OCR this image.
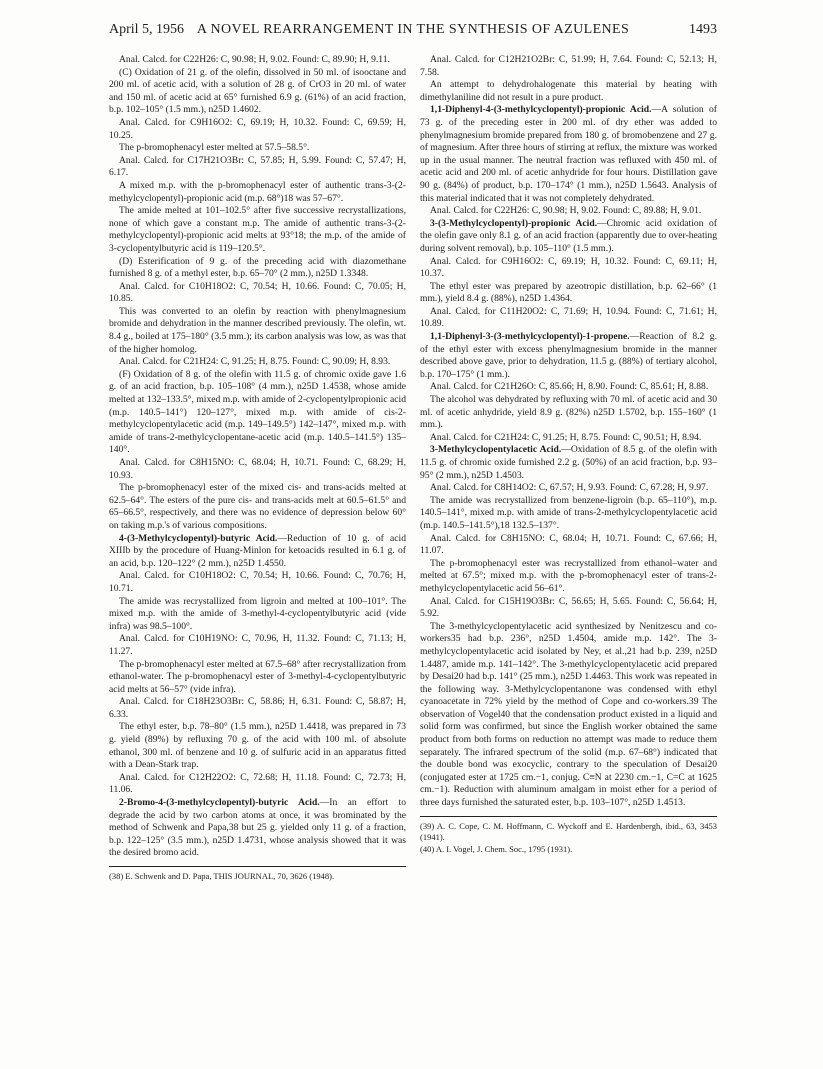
April 5, 1956 A NOVEL REARRANGEMENT IN THE SYNTHESIS OF AZULENES	1493

Anal. Calcd. for C22H26: C, 90.98; H, 9.02. Found: C, 89.90; H, 9.11.

(C) Oxidation of 21 g. of the olefin, dissolved in 50 ml. of isooctane and 200 ml. of acetic acid, with a solution of 28 g. of CrO3 in 20 ml. of water and 150 ml. of acetic acid at 65° furnished 6.9 g. (61%) of an acid fraction, b.p. 102–105° (1.5 mm.), n25D 1.4602.

Anal. Calcd. for C9H16O2: C, 69.19; H, 10.32. Found: C, 69.59; H, 10.25.

The p-bromophenacyl ester melted at 57.5–58.5°.

Anal. Calcd. for C17H21O3Br: C, 57.85; H, 5.99. Found: C, 57.47; H, 6.17.

A mixed m.p. with the p-bromophenacyl ester of authentic trans-3-(2-methylcyclopentyl)-propionic acid (m.p. 68°)18 was 57–67°.

The amide melted at 101–102.5° after five successive recrystallizations, none of which gave a constant m.p. The amide of authentic trans-3-(2-methylcyclopentyl)-propionic acid melts at 93°18; the m.p. of the amide of 3-cyclopentylbutyric acid is 119–120.5°.

(D) Esterification of 9 g. of the preceding acid with diazomethane furnished 8 g. of a methyl ester, b.p. 65–70° (2 mm.), n25D 1.3348.

Anal. Calcd. for C10H18O2: C, 70.54; H, 10.66. Found: C, 70.05; H, 10.85.

This was converted to an olefin by reaction with phenylmagnesium bromide and dehydration in the manner described previously. The olefin, wt. 8.4 g., boiled at 175–180° (3.5 mm.); its carbon analysis was low, as was that of the higher homolog.

Anal. Calcd. for C21H24: C, 91.25; H, 8.75. Found: C, 90.09; H, 8.93.

(F) Oxidation of 8 g. of the olefin with 11.5 g. of chromic oxide gave 1.6 g. of an acid fraction, b.p. 105–108° (4 mm.), n25D 1.4538, whose amide melted at 132–133.5°, mixed m.p. with amide of 2-cyclopentylpropionic acid (m.p. 140.5–141°) 120–127°, mixed m.p. with amide of cis-2-methylcyclopentylacetic acid (m.p. 149–149.5°) 142–147°, mixed m.p. with amide of trans-2-methylcyclopentane-acetic acid (m.p. 140.5–141.5°) 135–140°.

Anal. Calcd. for C8H15NO: C, 68.04; H, 10.71. Found: C, 68.29; H, 10.93.

The p-bromophenacyl ester of the mixed cis- and trans-acids melted at 62.5–64°. The esters of the pure cis- and trans-acids melt at 60.5–61.5° and 65–66.5°, respectively, and there was no evidence of depression below 60° on taking m.p.'s of various compositions.

4-(3-Methylcyclopentyl)-butyric Acid.—Reduction of 10 g. of acid XIIIb by the procedure of Huang-Minlon for ketoacids resulted in 6.1 g. of an acid, b.p. 120–122° (2 mm.), n25D 1.4550.

Anal. Calcd. for C10H18O2: C, 70.54; H, 10.66. Found: C, 70.76; H, 10.71.

The amide was recrystallized from ligroin and melted at 100–101°. The mixed m.p. with the amide of 3-methyl-4-cyclopentylbutyric acid (vide infra) was 98.5–100°.

Anal. Calcd. for C10H19NO: C, 70.96, H, 11.32. Found: C, 71.13; H, 11.27.

The p-bromophenacyl ester melted at 67.5–68° after recrystallization from ethanol-water. The p-bromophenacyl ester of 3-methyl-4-cyclopentylbutyric acid melts at 56–57° (vide infra).

Anal. Calcd. for C18H23O3Br: C, 58.86; H, 6.31. Found: C, 58.87; H, 6.33.

The ethyl ester, b.p. 78–80° (1.5 mm.), n25D 1.4418, was prepared in 73 g. yield (89%) by refluxing 70 g. of the acid with 100 ml. of absolute ethanol, 300 ml. of benzene and 10 g. of sulfuric acid in an apparatus fitted with a Dean-Stark trap.

Anal. Calcd. for C12H22O2: C, 72.68; H, 11.18. Found: C, 72.73; H, 11.06.

2-Bromo-4-(3-methylcyclopentyl)-butyric Acid.—In an effort to degrade the acid by two carbon atoms at once, it was brominated by the method of Schwenk and Papa,38 but 25 g. yielded only 11 g. of a fraction, b.p. 122–125° (3.5 mm.), n25D 1.4731, whose analysis showed that it was the desired bromo acid.

(38) E. Schwenk and D. Papa, THIS JOURNAL, 70, 3626 (1948).

Anal. Calcd. for C12H21O2Br: C, 51.99; H, 7.64. Found: C, 52.13; H, 7.58.

An attempt to dehydrohalogenate this material by heating with dimethylaniline did not result in a pure product.

1,1-Diphenyl-4-(3-methylcyclopentyl)-propionic Acid.—A solution of 73 g. of the preceding ester in 200 ml. of dry ether was added to phenylmagnesium bromide prepared from 180 g. of bromobenzene and 27 g. of magnesium. After three hours of stirring at reflux, the mixture was worked up in the usual manner. The neutral fraction was refluxed with 450 ml. of acetic acid and 200 ml. of acetic anhydride for four hours. Distillation gave 90 g. (84%) of product, b.p. 170–174° (1 mm.), n25D 1.5643. Analysis of this material indicated that it was not completely dehydrated.

Anal. Calcd. for C22H26: C, 90.98; H, 9.02. Found: C, 89.88; H, 9.01.

3-(3-Methylcyclopentyl)-propionic Acid.—Chromic acid oxidation of the olefin gave only 8.1 g. of an acid fraction (apparently due to over-heating during solvent removal), b.p. 105–110° (1.5 mm.).

Anal. Calcd. for C9H16O2: C, 69.19; H, 10.32. Found: C, 69.11; H, 10.37.

The ethyl ester was prepared by azeotropic distillation, b.p. 62–66° (1 mm.), yield 8.4 g. (88%), n25D 1.4364.

Anal. Calcd. for C11H20O2: C, 71.69; H, 10.94. Found: C, 71.61; H, 10.89.

1,1-Diphenyl-3-(3-methylcyclopentyl)-1-propene.—Reaction of 8.2 g. of the ethyl ester with excess phenylmagnesium bromide in the manner described above gave, prior to dehydration, 11.5 g. (88%) of tertiary alcohol, b.p. 170–175° (1 mm.).

Anal. Calcd. for C21H26O: C, 85.66; H, 8.90. Found: C, 85.61; H, 8.88.

The alcohol was dehydrated by refluxing with 70 ml. of acetic acid and 30 ml. of acetic anhydride, yield 8.9 g. (82%) n25D 1.5702, b.p. 155–160° (1 mm.).

Anal. Calcd. for C21H24: C, 91.25; H, 8.75. Found: C, 90.51; H, 8.94.

3-Methylcyclopentylacetic Acid.—Oxidation of 8.5 g. of the olefin with 11.5 g. of chromic oxide furnished 2.2 g. (50%) of an acid fraction, b.p. 93–95° (2 mm.), n25D 1.4503.

Anal. Calcd. for C8H14O2: C, 67.57; H, 9.93. Found: C, 67.28; H, 9.97.

The amide was recrystallized from benzene-ligroin (b.p. 65–110°), m.p. 140.5–141°, mixed m.p. with amide of trans-2-methylcyclopentylacetic acid (m.p. 140.5–141.5°),18 132.5–137°.

Anal. Calcd. for C8H15NO: C, 68.04; H, 10.71. Found: C, 67.66; H, 11.07.

The p-bromophenacyl ester was recrystallized from ethanol–water and melted at 67.5°; mixed m.p. with the p-bromophenacyl ester of trans-2-methylcyclopentylacetic acid 56–61°.

Anal. Calcd. for C15H19O3Br: C, 56.65; H, 5.65. Found: C, 56.64; H, 5.92.

The 3-methylcyclopentylacetic acid synthesized by Nenitzescu and co-workers35 had b.p. 236°, n25D 1.4504, amide m.p. 142°. The 3-methylcyclopentylacetic acid isolated by Ney, et al.,21 had b.p. 239, n25D 1.4487, amide m.p. 141–142°. The 3-methylcyclopentylacetic acid prepared by Desai20 had b.p. 141° (25 mm.), n25D 1.4463. This work was repeated in the following way. 3-Methylcyclopentanone was condensed with ethyl cyanoacetate in 72% yield by the method of Cope and co-workers.39 The observation of Vogel40 that the condensation product existed in a liquid and solid form was confirmed, but since the English worker obtained the same product from both forms on reduction no attempt was made to reduce them separately. The infrared spectrum of the solid (m.p. 67–68°) indicated that the double bond was exocyclic, contrary to the speculation of Desai20 (conjugated ester at 1725 cm.−1, conjug. C≡N at 2230 cm.−1, C=C at 1625 cm.−1). Reduction with aluminum amalgam in moist ether for a period of three days furnished the saturated ester, b.p. 103–107°, n25D 1.4513.

(39) A. C. Cope, C. M. Hoffmann, C. Wyckoff and E. Hardenbergh, ibid., 63, 3453 (1941).

(40) A. I. Vogel, J. Chem. Soc., 1795 (1931).
